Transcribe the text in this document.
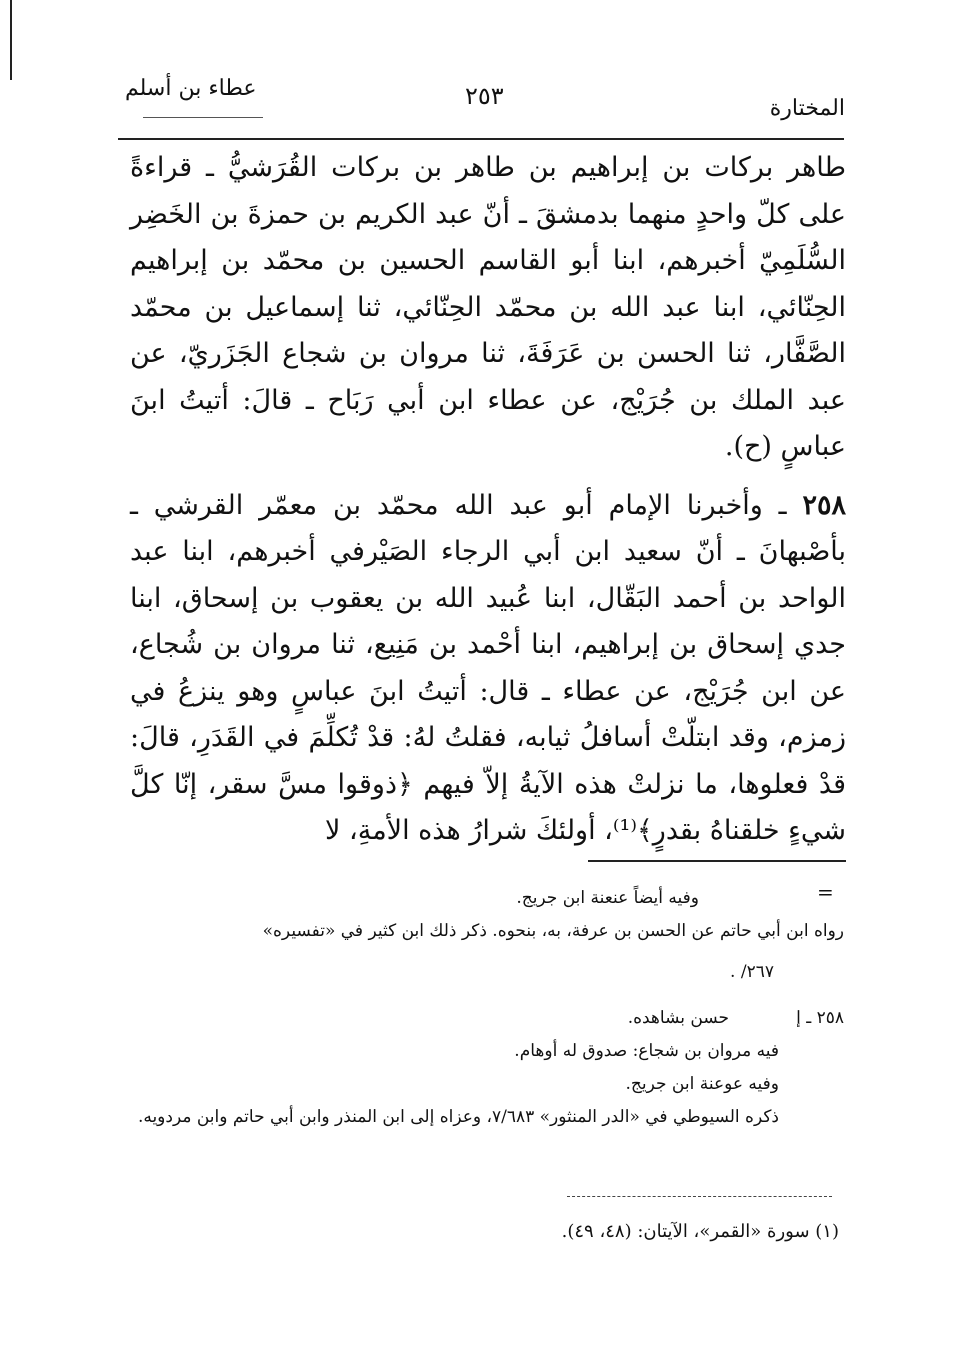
المختارة
٢٥٣
عطاء بن أسلم

طاهر بركات بن إبراهيم بن طاهر بن بركات القُرَشيُّ ـ قراءةً على كلّ واحدٍ منهما بدمشقَ ـ أنّ عبد الكريم بن حمزةَ بن الخَضِر السُّلَمِيّ أخبرهم، ابنا أبو القاسم الحسين بن محمّد بن إبراهيم الحِنّائي، ابنا عبد الله بن محمّد الحِنّائي، ثنا إسماعيل بن محمّد الصَّفَّار، ثنا الحسن بن عَرَفَةَ، ثنا مروان بن شجاع الجَزَريّ، عن عبد الملك بن جُرَيْج، عن عطاء ابن أبي رَبَاح ـ قالَ: أتيتُ ابنَ عباسٍ (ح).

٢٥٨ ـ وأخبرنا الإمام أبو عبد الله محمّد بن معمّر القرشي ـ بأصْبهانَ ـ أنّ سعيد ابن أبي الرجاء الصَيْرفي أخبرهم، ابنا عبد الواحد بن أحمد البَقّال، ابنا عُبيد الله بن يعقوب بن إسحاق، ابنا جدي إسحاق بن إبراهيم، ابنا أحْمد بن مَنِيع، ثنا مروان بن شُجاع، عن ابن جُرَيْج، عن عطاء ـ قال: أتيتُ ابنَ عباسٍ وهو ينزعُ في زمزم، وقد ابتلّتْ أسافلُ ثيابه، فقلتُ لهُ: قدْ تُكلِّمَ في القَدَرِ، قالَ: قدْ فعلوها، ما نزلتْ هذه الآيةُ إلاّ فيهم ﴿ذوقوا مسَّ سقر، إنّا كلَّ شيءٍ خلقناهُ بقدرٍ﴾⁽¹⁾، أولئكَ شرارُ هذه الأمةِ، لا

=
وفيه أيضاً عنعنة ابن جريج.
رواه ابن أبي حاتم عن الحسن بن عرفة، به، بنحوه. ذكر ذلك ابن كثير في «تفسيره»
٢٦٧/ .
٢٥٨ ـ إ
حسن بشاهده.
فيه مروان بن شجاع: صدوق له أوهام.
وفيه عوعنة ابن جريج.
ذكره السيوطي في «الدر المنثور» ٧/٦٨٣، وعزاه إلى ابن المنذر وابن أبي حاتم وابن مردويه.
(١) سورة «القمر»، الآيتان: (٤٨، ٤٩).
